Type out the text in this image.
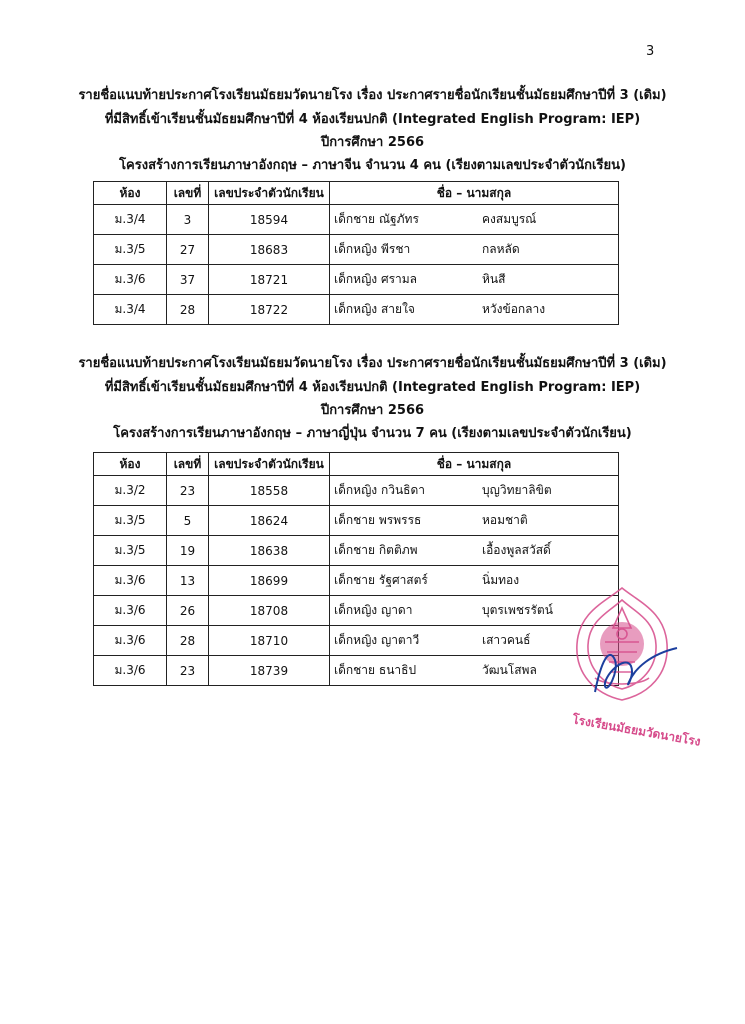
3

รายชื่อแนบท้ายประกาศโรงเรียนมัธยมวัดนายโรง เรื่อง ประกาศรายชื่อนักเรียนชั้นมัธยมศึกษาปีที่ 3 (เดิม)

ที่มีสิทธิ์เข้าเรียนชั้นมัธยมศึกษาปีที่ 4 ห้องเรียนปกติ (Integrated English Program: IEP)

ปีการศึกษา 2566

โครงสร้างการเรียนภาษาอังกฤษ – ภาษาจีน จำนวน 4 คน (เรียงตามเลขประจำตัวนักเรียน)

ห้อง	เลขที่	เลขประจำตัวนักเรียน	ชื่อ – นามสกุล
ม.3/4	3	18594	เด็กชาย ณัฐภัทร คงสมบูรณ์

ม.3/5	27	18683	เด็กหญิง พีรชา กลหลัด

ม.3/6	37	18721	เด็กหญิง ศรามล หินสี

ม.3/4	28	18722	เด็กหญิง สายใจ หวังข้อกลาง

รายชื่อแนบท้ายประกาศโรงเรียนมัธยมวัดนายโรง เรื่อง ประกาศรายชื่อนักเรียนชั้นมัธยมศึกษาปีที่ 3 (เดิม)

ที่มีสิทธิ์เข้าเรียนชั้นมัธยมศึกษาปีที่ 4 ห้องเรียนปกติ (Integrated English Program: IEP)

ปีการศึกษา 2566

โครงสร้างการเรียนภาษาอังกฤษ – ภาษาญี่ปุ่น จำนวน 7 คน (เรียงตามเลขประจำตัวนักเรียน)

ห้อง	เลขที่	เลขประจำตัวนักเรียน	ชื่อ – นามสกุล
ม.3/2	23	18558	เด็กหญิง กวินธิดา บุญวิทยาลิขิต

ม.3/5	5	18624	เด็กชาย พรพรรธ หอมชาติ

ม.3/5	19	18638	เด็กชาย กิตติภพ เอื้องพูลสวัสดิ์

ม.3/6	13	18699	เด็กชาย รัฐศาสตร์ นิ่มทอง

ม.3/6	26	18708	เด็กหญิง ญาดา บุตรเพชรรัตน์

ม.3/6	28	18710	เด็กหญิง ญาตาวี เสาวคนธ์

ม.3/6	23	18739	เด็กชาย ธนาธิป วัฒนโสพล
โรงเรียนมัธยมวัดนายโรง
